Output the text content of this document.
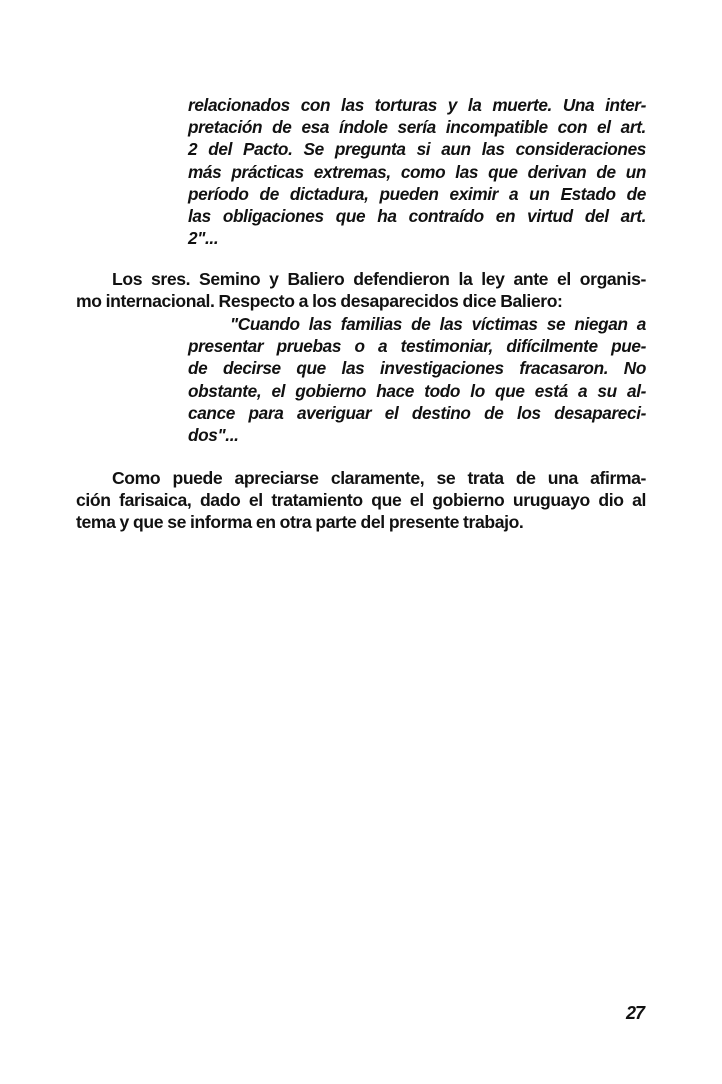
relacionados con las torturas y la muerte. Una inter-
pretación de esa índole sería incompatible con el art.
2 del Pacto. Se pregunta si aun las consideraciones
más prácticas extremas, como las que derivan de un
período de dictadura, pueden eximir a un Estado de
las obligaciones que ha contraído en virtud del art.
2"...
Los sres. Semino y Baliero defendieron la ley ante el organis-
mo internacional. Respecto a los desaparecidos dice Baliero:
"Cuando las familias de las víctimas se niegan a
presentar pruebas o a testimoniar, difícilmente pue-
de decirse que las investigaciones fracasaron. No
obstante, el gobierno hace todo lo que está a su al-
cance para averiguar el destino de los desapareci-
dos"...
Como puede apreciarse claramente, se trata de una afirma-
ción farisaica, dado el tratamiento que el gobierno uruguayo dio al
tema y que se informa en otra parte del presente trabajo.
27
